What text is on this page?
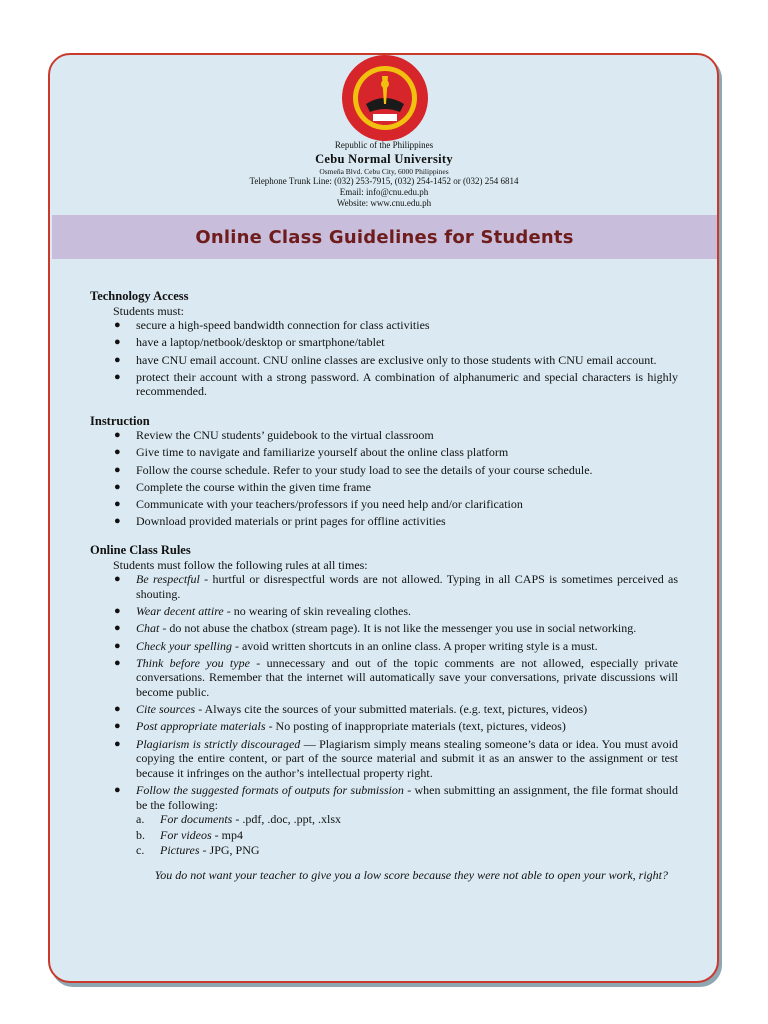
Republic of the Philippines
Cebu Normal University
Osmeña Blvd. Cebu City, 6000 Philippines
Telephone Trunk Line: (032) 253-7915, (032) 254-1452 or (032) 254 6814
Email: info@cnu.edu.ph
Website: www.cnu.edu.ph
Online Class Guidelines for Students
Technology Access
Students must:
● secure a high-speed bandwidth connection for class activities
● have a laptop/netbook/desktop or smartphone/tablet
● have CNU email account. CNU online classes are exclusive only to those students with CNU email account.
● protect their account with a strong password. A combination of alphanumeric and special characters is highly recommended.
Instruction
● Review the CNU students’ guidebook to the virtual classroom
● Give time to navigate and familiarize yourself about the online class platform
● Follow the course schedule. Refer to your study load to see the details of your course schedule.
● Complete the course within the given time frame
● Communicate with your teachers/professors if you need help and/or clarification
● Download provided materials or print pages for offline activities
Online Class Rules
Students must follow the following rules at all times:
● Be respectful - hurtful or disrespectful words are not allowed. Typing in all CAPS is sometimes perceived as shouting.
● Wear decent attire - no wearing of skin revealing clothes.
● Chat - do not abuse the chatbox (stream page). It is not like the messenger you use in social networking.
● Check your spelling - avoid written shortcuts in an online class. A proper writing style is a must.
● Think before you type - unnecessary and out of the topic comments are not allowed, especially private conversations. Remember that the internet will automatically save your conversations, private discussions will become public.
● Cite sources - Always cite the sources of your submitted materials. (e.g. text, pictures, videos)
● Post appropriate materials - No posting of inappropriate materials (text, pictures, videos)
● Plagiarism is strictly discouraged — Plagiarism simply means stealing someone’s data or idea. You must avoid copying the entire content, or part of the source material and submit it as an answer to the assignment or test because it infringes on the author’s intellectual property right.
● Follow the suggested formats of outputs for submission - when submitting an assignment, the file format should be the following:
a. For documents - .pdf, .doc, .ppt, .xlsx
b. For videos - mp4
c. Pictures - JPG, PNG
You do not want your teacher to give you a low score because they were not able to open your work, right?
